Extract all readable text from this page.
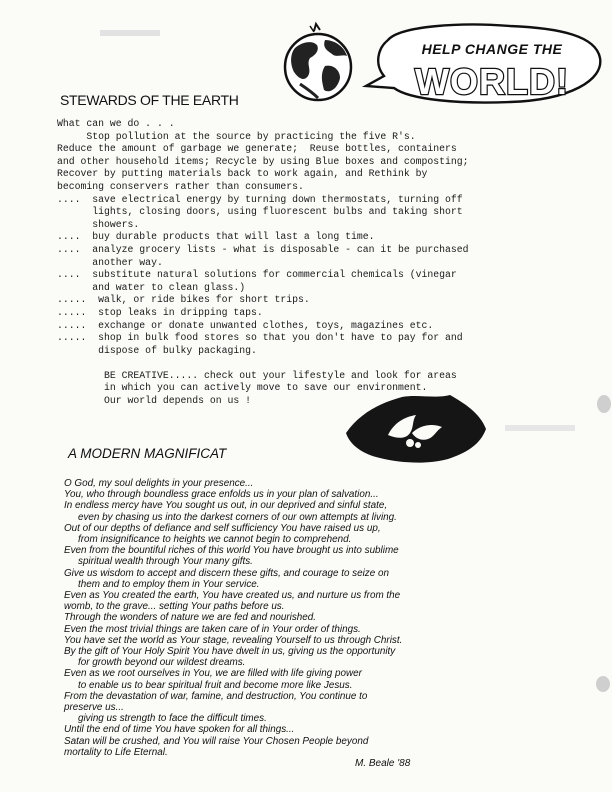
HELP CHANGE THE
WORLD!
STEWARDS OF THE EARTH
What can we do . . .
Stop pollution at the source by practicing the five R's.
Reduce the amount of garbage we generate;  Reuse bottles, containers
and other household items; Recycle by using Blue boxes and composting;
Recover by putting materials back to work again, and Rethink by
becoming conservers rather than consumers.
....  save electrical energy by turning down thermostats, turning off
lights, closing doors, using fluorescent bulbs and taking short
showers.
....  buy durable products that will last a long time.
....  analyze grocery lists - what is disposable - can it be purchased
another way.
....  substitute natural solutions for commercial chemicals (vinegar
and water to clean glass.)
.....  walk, or ride bikes for short trips.
.....  stop leaks in dripping taps.
.....  exchange or donate unwanted clothes, toys, magazines etc.
.....  shop in bulk food stores so that you don't have to pay for and
dispose of bulky packaging.
BE CREATIVE..... check out your lifestyle and look for areas
in which you can actively move to save our environment.
Our world depends on us !
A MODERN MAGNIFICAT
O God, my soul delights in your presence...
You, who through boundless grace enfolds us in your plan of salvation...
In endless mercy have You sought us out, in our deprived and sinful state,
even by chasing us into the darkest corners of our own attempts at living.
Out of our depths of defiance and self sufficiency You have raised us up,
from insignificance to heights we cannot begin to comprehend.
Even from the bountiful riches of this world You have brought us into sublime
spiritual wealth through Your many gifts.
Give us wisdom to accept and discern these gifts, and courage to seize on
them and to employ them in Your service.
Even as You created the earth, You have created us, and nurture us from the
womb, to the grave... setting Your paths before us.
Through the wonders of nature we are fed and nourished.
Even the most trivial things are taken care of in Your order of things.
You have set the world as Your stage, revealing Yourself to us through Christ.
By the gift of Your Holy Spirit You have dwelt in us, giving us the opportunity
for growth beyond our wildest dreams.
Even as we root ourselves in You, we are filled with life giving power
to enable us to bear spiritual fruit and become more like Jesus.
From the devastation of war, famine, and destruction, You continue to
preserve us...
giving us strength to face the difficult times.
Until the end of time You have spoken for all things...
Satan will be crushed, and You will raise Your Chosen People beyond
mortality to Life Eternal.
M. Beale '88
